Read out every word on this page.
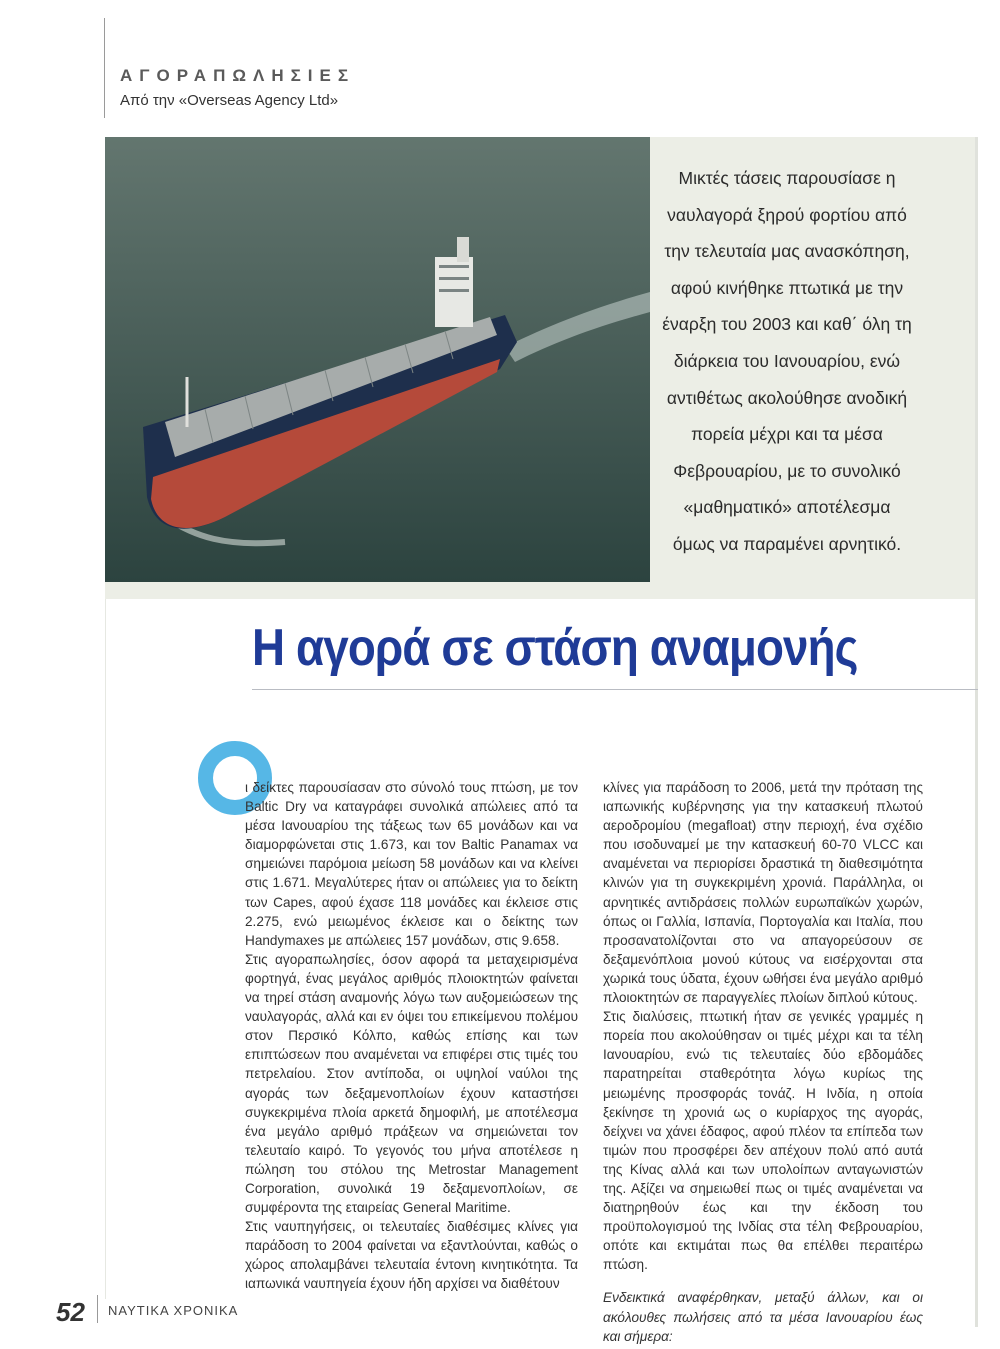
ΑΓΟΡΑΠΩΛΗΣΙΕΣ
Από την «Overseas Agency Ltd»

Μικτές τάσεις παρουσίασε η ναυλαγορά ξηρού φορτίου από την τελευταία μας ανασκόπηση, αφού κινήθηκε πτωτικά με την έναρξη του 2003 και καθ΄ όλη τη διάρκεια του Ιανουαρίου, ενώ αντιθέτως ακολούθησε ανοδική πορεία μέχρι και τα μέσα Φεβρουαρίου, με το συνολικό «μαθηματικό» αποτέλεσμα όμως να παραμένει αρνητικό.

Η αγορά σε στάση αναμονής

ι δείκτες παρουσίασαν στο σύνολό τους πτώση, με τον Baltic Dry να καταγράφει συνολικά απώλειες από τα μέσα Ιανουαρίου της τάξεως των 65 μονάδων και να διαμορφώνεται στις 1.673, και τον Baltic Panamax να σημειώνει παρόμοια μείωση 58 μονάδων και να κλείνει στις 1.671. Μεγαλύτερες ήταν οι απώλειες για το δείκτη των Capes, αφού έχασε 118 μονάδες και έκλεισε στις 2.275, ενώ μειωμένος έκλεισε και ο δείκτης των Handymaxes με απώλειες 157 μονάδων, στις 9.658.

Στις αγοραπωλησίες, όσον αφορά τα μεταχειρισμένα φορτηγά, ένας μεγάλος αριθμός πλοιοκτητών φαίνεται να τηρεί στάση αναμονής λόγω των αυξομειώσεων της ναυλαγοράς, αλλά και εν όψει του επικείμενου πολέμου στον Περσικό Κόλπο, καθώς επίσης και των επιπτώσεων που αναμένεται να επιφέρει στις τιμές του πετρελαίου. Στον αντίποδα, οι υψηλοί ναύλοι της αγοράς των δεξαμενοπλοίων έχουν καταστήσει συγκεκριμένα πλοία αρκετά δημοφιλή, με αποτέλεσμα ένα μεγάλο αριθμό πράξεων να σημειώνεται τον τελευταίο καιρό. Το γεγονός του μήνα αποτέλεσε η πώληση του στόλου της Metrostar Management Corporation, συνολικά 19 δεξαμενοπλοίων, σε συμφέροντα της εταιρείας General Maritime.

Στις ναυπηγήσεις, οι τελευταίες διαθέσιμες κλίνες για παράδοση το 2004 φαίνεται να εξαντλούνται, καθώς ο χώρος απολαμβάνει τελευταία έντονη κινητικότητα. Τα ιαπωνικά ναυπηγεία έχουν ήδη αρχίσει να διαθέτουν

κλίνες για παράδοση το 2006, μετά την πρόταση της ιαπωνικής κυβέρνησης για την κατασκευή πλωτού αεροδρομίου (megafloat) στην περιοχή, ένα σχέδιο που ισοδυναμεί με την κατασκευή 60-70 VLCC και αναμένεται να περιορίσει δραστικά τη διαθεσιμότητα κλινών για τη συγκεκριμένη χρονιά. Παράλληλα, οι αρνητικές αντιδράσεις πολλών ευρωπαϊκών χωρών, όπως οι Γαλλία, Ισπανία, Πορτογαλία και Ιταλία, που προσανατολίζονται στο να απαγορεύσουν σε δεξαμενόπλοια μονού κύτους να εισέρχονται στα χωρικά τους ύδατα, έχουν ωθήσει ένα μεγάλο αριθμό πλοιοκτητών σε παραγγελίες πλοίων διπλού κύτους.

Στις διαλύσεις, πτωτική ήταν σε γενικές γραμμές η πορεία που ακολούθησαν οι τιμές μέχρι και τα τέλη Ιανουαρίου, ενώ τις τελευταίες δύο εβδομάδες παρατηρείται σταθερότητα λόγω κυρίως της μειωμένης προσφοράς τονάζ. Η Ινδία, η οποία ξεκίνησε τη χρονιά ως ο κυρίαρχος της αγοράς, δείχνει να χάνει έδαφος, αφού πλέον τα επίπεδα των τιμών που προσφέρει δεν απέχουν πολύ από αυτά της Κίνας αλλά και των υπολοίπων ανταγωνιστών της. Αξίζει να σημειωθεί πως οι τιμές αναμένεται να διατηρηθούν έως και την έκδοση του προϋπολογισμού της Ινδίας στα τέλη Φεβρουαρίου, οπότε και εκτιμάται πως θα επέλθει περαιτέρω πτώση.

Ενδεικτικά αναφέρθηκαν, μεταξύ άλλων, και οι ακόλουθες πωλήσεις από τα μέσα Ιανουαρίου έως και σήμερα:

52 ΝΑΥΤΙΚΑ ΧΡΟΝΙΚΑ
